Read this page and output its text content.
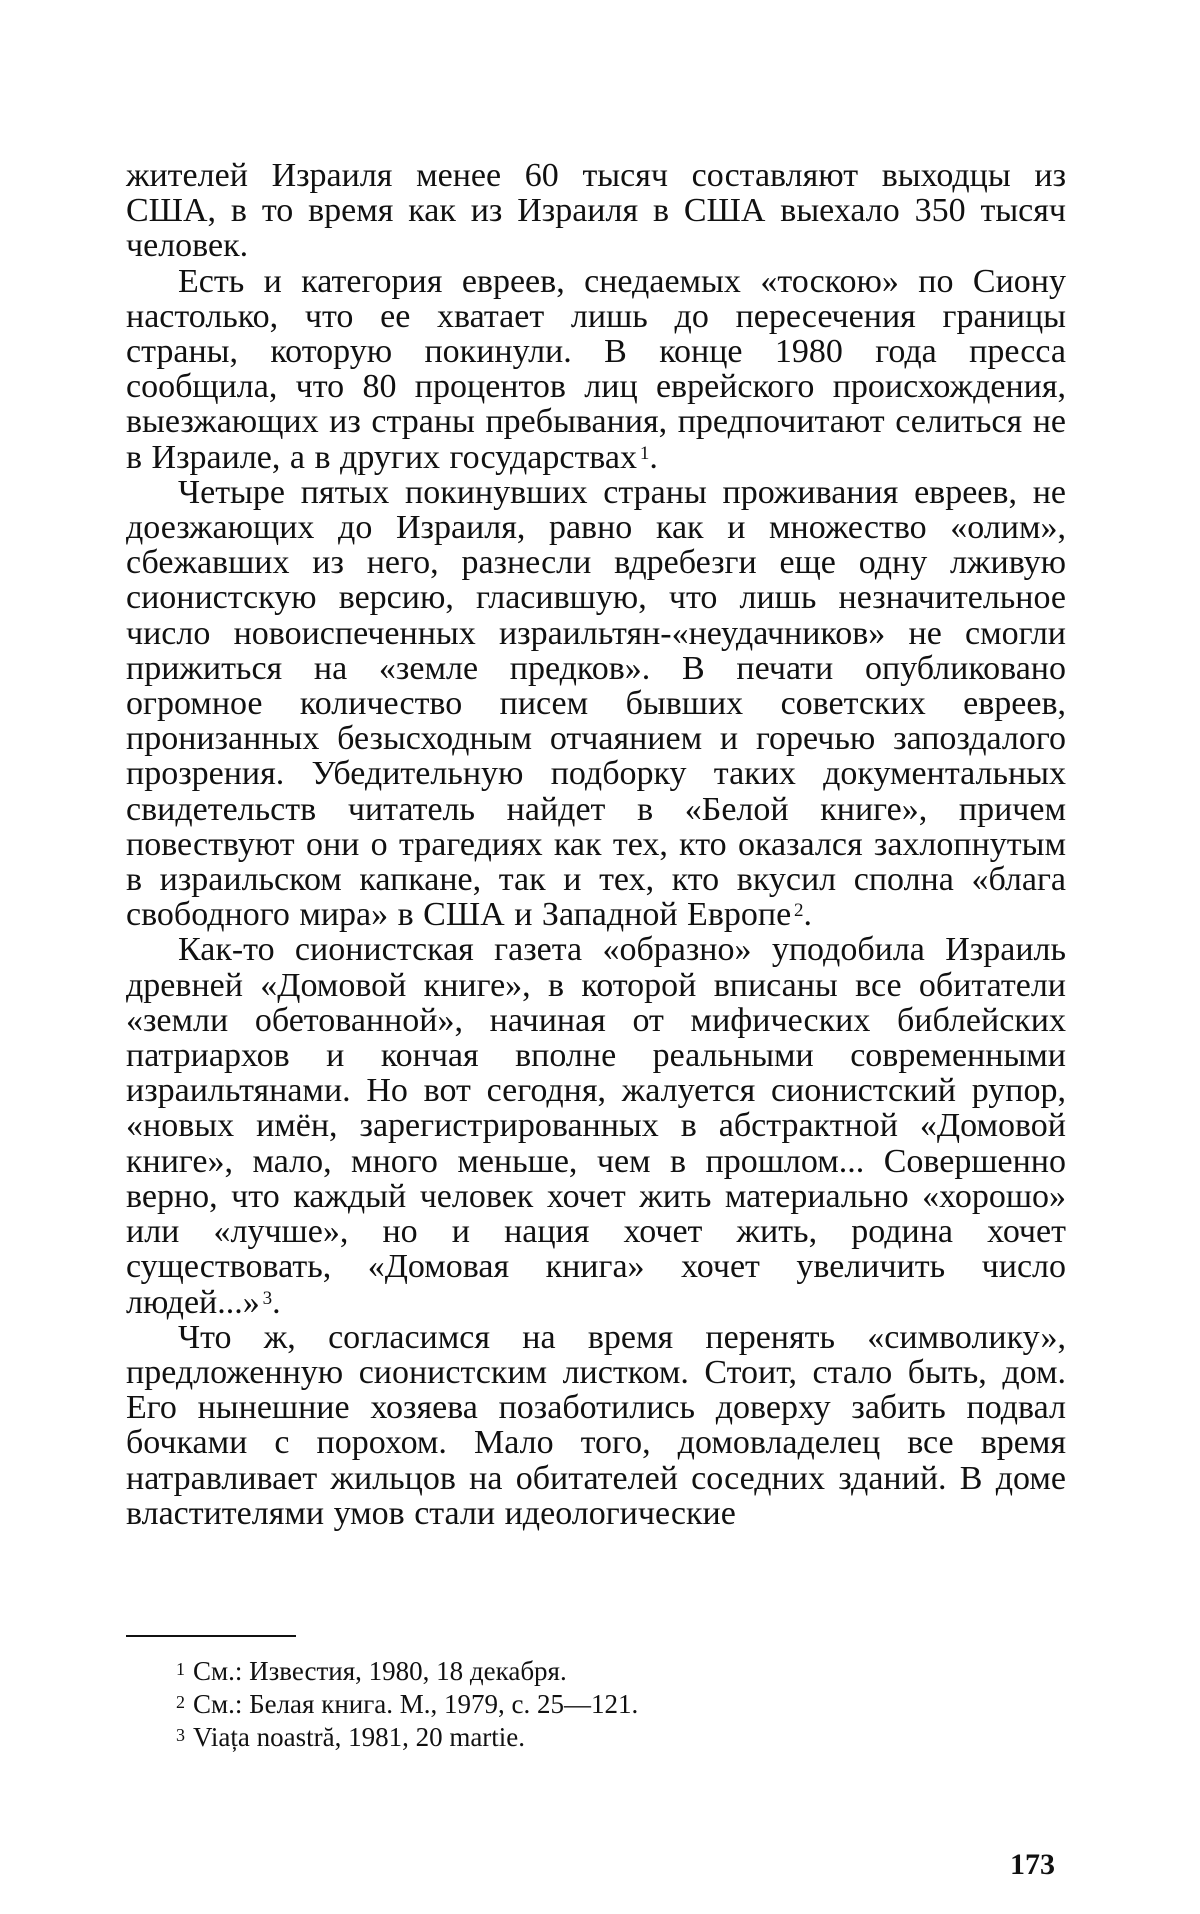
жителей Израиля менее 60 тысяч составляют выходцы из США, в то время как из Израиля в США выехало 350 тысяч человек.

Есть и категория евреев, снедаемых «тоскою» по Сиону настолько, что ее хватает лишь до пересечения границы страны, которую покинули. В конце 1980 года пресса сообщила, что 80 процентов лиц еврейского происхождения, выезжающих из страны пребывания, предпочитают селиться не в Израиле, а в других государствах  $^1$.

Четыре пятых покинувших страны проживания евреев, не доезжающих до Израиля, равно как и множество «олим», сбежавших из него, разнесли вдребезги еще одну лживую сионистскую версию, гласившую, что лишь незначительное число новоиспеченных израильтян-«неудачников» не смогли прижиться на «земле предков». В печати опубликовано огромное количество писем бывших советских евреев, пронизанных безысходным отчаянием и горечью запоздалого прозрения. Убедительную подборку таких документальных свидетельств читатель найдет в «Белой книге», причем повествуют они о трагедиях как тех, кто оказался захлопнутым в израильском капкане, так и тех, кто вкусил сполна «блага свободного мира» в США и Западной Европе  $^2$.

Как-то сионистская газета «образно» уподобила Израиль древней «Домовой книге», в которой вписаны все обитатели «земли обетованной», начиная от мифических библейских патриархов и кончая вполне реальными современными израильтянами. Но вот сегодня, жалуется сионистский рупор, «новых имён, зарегистрированных в абстрактной «Домовой книге», мало, много меньше, чем в прошлом... Совершенно верно, что каждый человек хочет жить материально «хорошо» или «лучше», но и нация хочет жить, родина хочет существовать, «Домовая книга» хочет увеличить число людей...»  $^3$.

Что ж, согласимся на время перенять «символику», предложенную сионистским листком. Стоит, стало быть, дом. Его нынешние хозяева позаботились доверху забить подвал бочками с порохом. Мало того, домовладелец все время натравливает жильцов на обитателей соседних зданий. В доме властителями умов стали идеологические

$^1$ См.: Известия, 1980, 18 декабря.
$^2$ См.: Белая книга. М., 1979, с. 25—121.
$^3$ Viața noastră, 1981, 20 martie.
173
